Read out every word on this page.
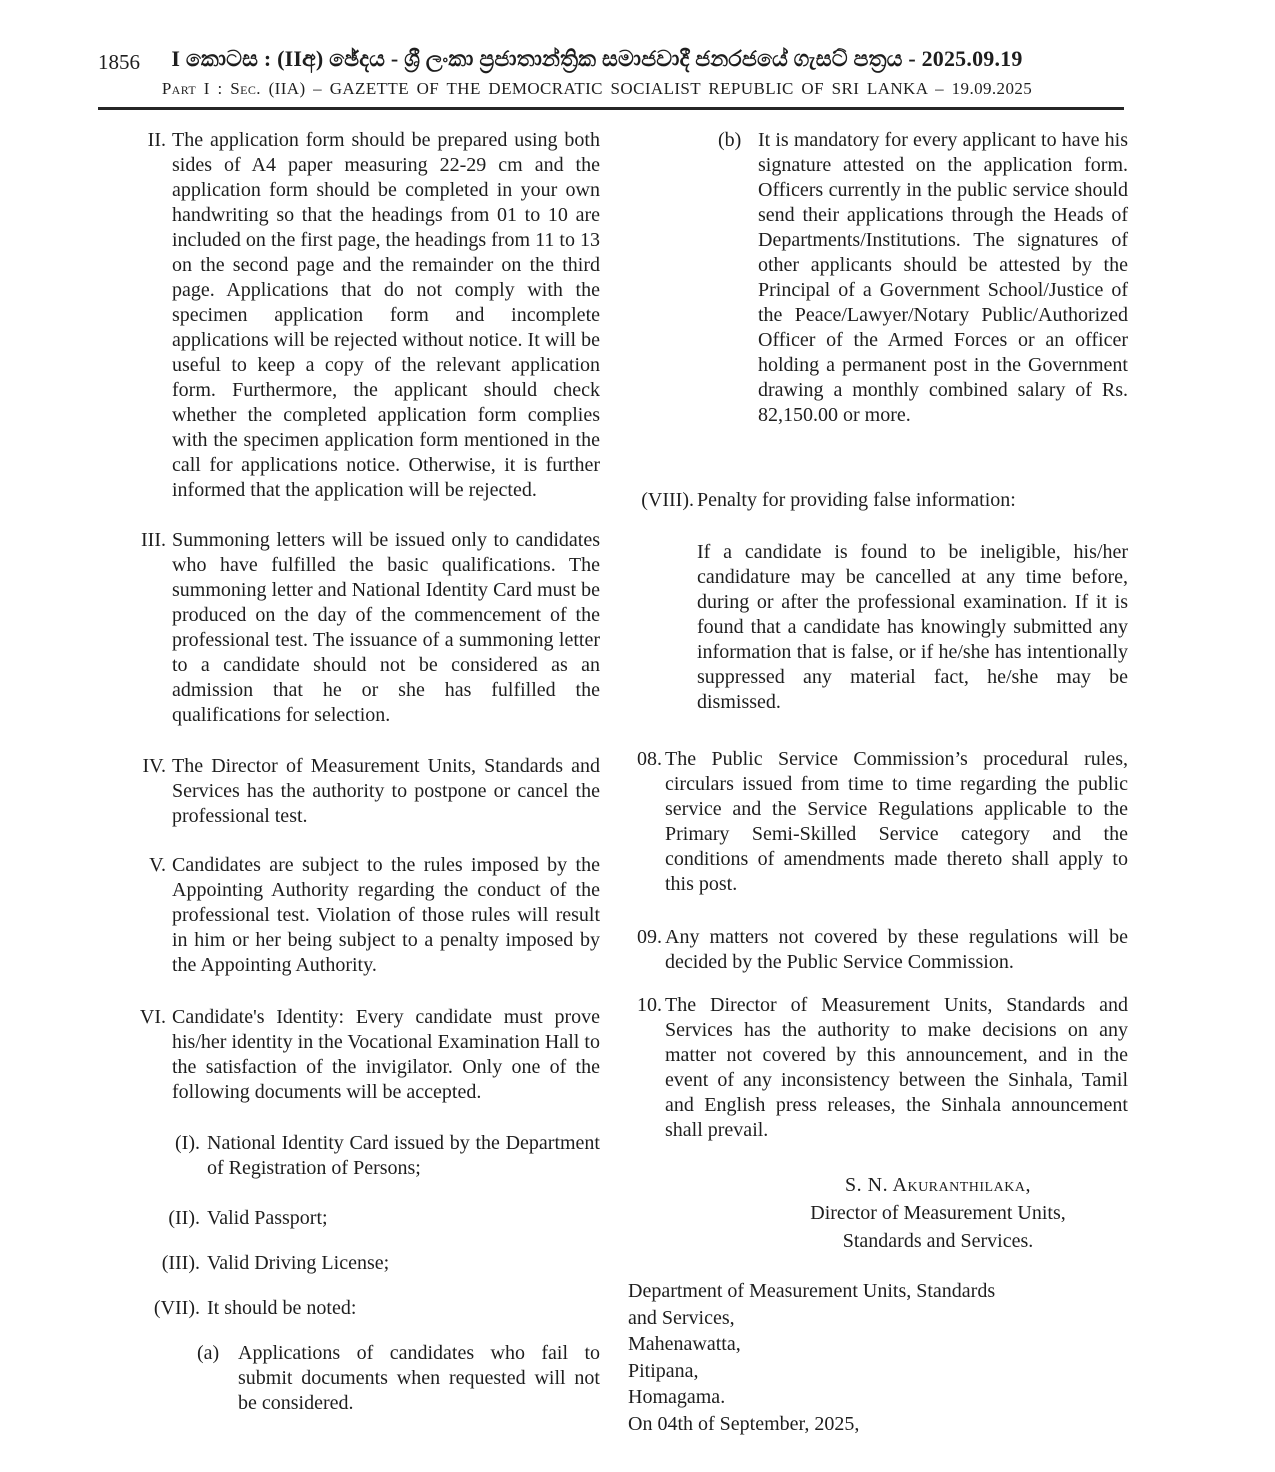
1856	I කොටස : (IIඅ) ඡේදය - ශ්‍රී ලංකා ප්‍රජාතාන්ත්‍රික සමාජවාදී ජනරජයේ ගැසට් පත්‍රය - 2025.09.19
Part I : Sec. (IIA) – GAZETTE OF THE DEMOCRATIC SOCIALIST REPUBLIC OF SRI LANKA – 19.09.2025
II. The application form should be prepared using both sides of A4 paper measuring 22-29 cm and the application form should be completed in your own handwriting so that the headings from 01 to 10 are included on the first page, the headings from 11 to 13 on the second page and the remainder on the third page. Applications that do not comply with the specimen application form and incomplete applications will be rejected without notice. It will be useful to keep a copy of the relevant application form. Furthermore, the applicant should check whether the completed application form complies with the specimen application form mentioned in the call for applications notice. Otherwise, it is further informed that the application will be rejected.
III. Summoning letters will be issued only to candidates who have fulfilled the basic qualifications. The summoning letter and National Identity Card must be produced on the day of the commencement of the professional test. The issuance of a summoning letter to a candidate should not be considered as an admission that he or she has fulfilled the qualifications for selection.
IV. The Director of Measurement Units, Standards and Services has the authority to postpone or cancel the professional test.
V. Candidates are subject to the rules imposed by the Appointing Authority regarding the conduct of the professional test. Violation of those rules will result in him or her being subject to a penalty imposed by the Appointing Authority.
VI. Candidate's Identity: Every candidate must prove his/her identity in the Vocational Examination Hall to the satisfaction of the invigilator. Only one of the following documents will be accepted.
(I). National Identity Card issued by the Department of Registration of Persons;
(II). Valid Passport;
(III). Valid Driving License;
(VII). It should be noted:
(a) Applications of candidates who fail to submit documents when requested will not be considered.
(b) It is mandatory for every applicant to have his signature attested on the application form. Officers currently in the public service should send their applications through the Heads of Departments/Institutions. The signatures of other applicants should be attested by the Principal of a Government School/Justice of the Peace/Lawyer/Notary Public/Authorized Officer of the Armed Forces or an officer holding a permanent post in the Government drawing a monthly combined salary of Rs. 82,150.00 or more.
(VIII). Penalty for providing false information:
If a candidate is found to be ineligible, his/her candidature may be cancelled at any time before, during or after the professional examination. If it is found that a candidate has knowingly submitted any information that is false, or if he/she has intentionally suppressed any material fact, he/she may be dismissed.
08. The Public Service Commission’s procedural rules, circulars issued from time to time regarding the public service and the Service Regulations applicable to the Primary Semi-Skilled Service category and the conditions of amendments made thereto shall apply to this post.
09. Any matters not covered by these regulations will be decided by the Public Service Commission.
10. The Director of Measurement Units, Standards and Services has the authority to make decisions on any matter not covered by this announcement, and in the event of any inconsistency between the Sinhala, Tamil and English press releases, the Sinhala announcement shall prevail.
S. N. Akuranthilaka,
Director of Measurement Units,
Standards and Services.
Department of Measurement Units, Standards
and Services,
Mahenawatta,
Pitipana,
Homagama.
On 04th of September, 2025,
